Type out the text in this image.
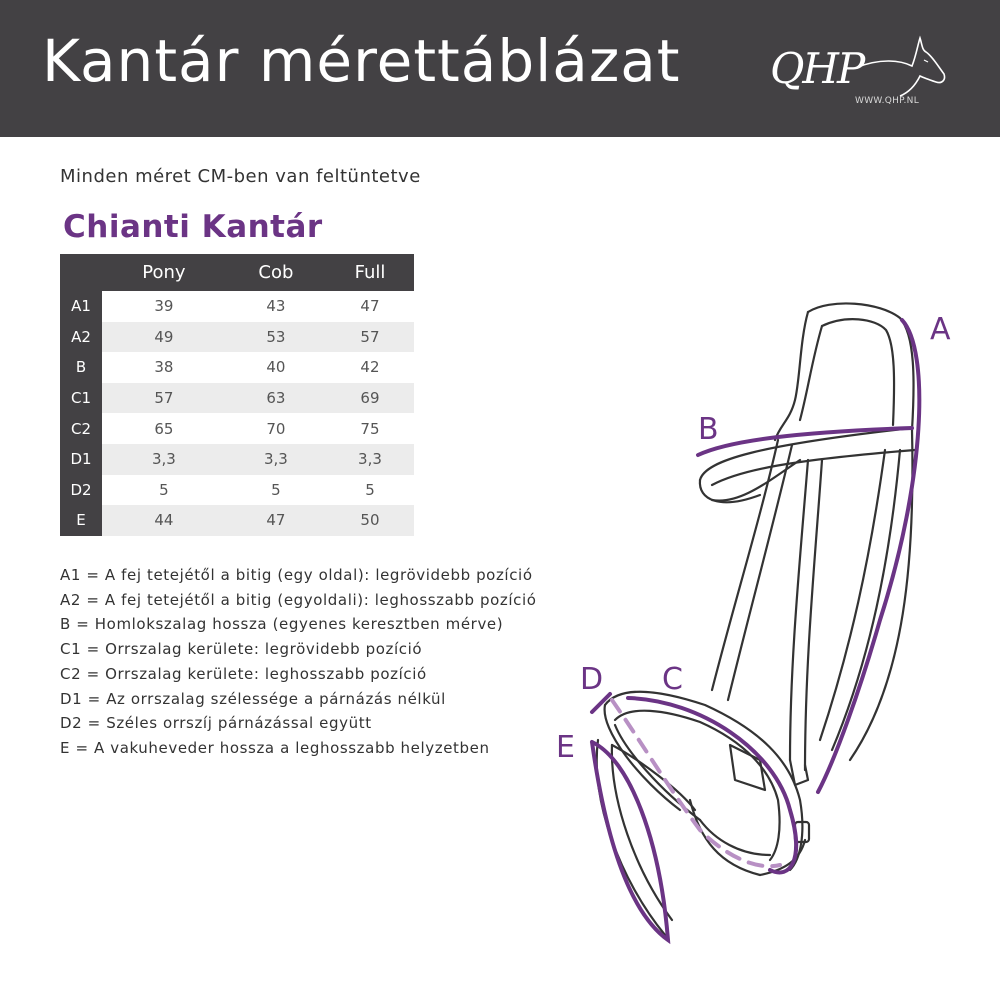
Kantár mérettáblázat QHP
WWW.QHP.NL
Minden méret CM-ben van feltüntetve
Chianti Kantár
	Pony	Cob	Full
A1	39	43	47
A2	49	53	57
B	38	40	42
C1	57	63	69
C2	65	70	75
D1	3,3	3,3	3,3
D2	5	5	5
E	44	47	50
A1 = A fej tetejétől a bitig (egy oldal): legrövidebb pozíció
A2 = A fej tetejétől a bitig (egyoldali): leghosszabb pozíció
B = Homlokszalag hossza (egyenes keresztben mérve)
C1 = Orrszalag kerülete: legrövidebb pozíció
C2 = Orrszalag kerülete: leghosszabb pozíció
D1 = Az orrszalag szélessége a párnázás nélkül
D2 = Széles orrszíj párnázással együtt
E = A vakuheveder hossza a leghosszabb helyzetben
A
B
C
D
E
